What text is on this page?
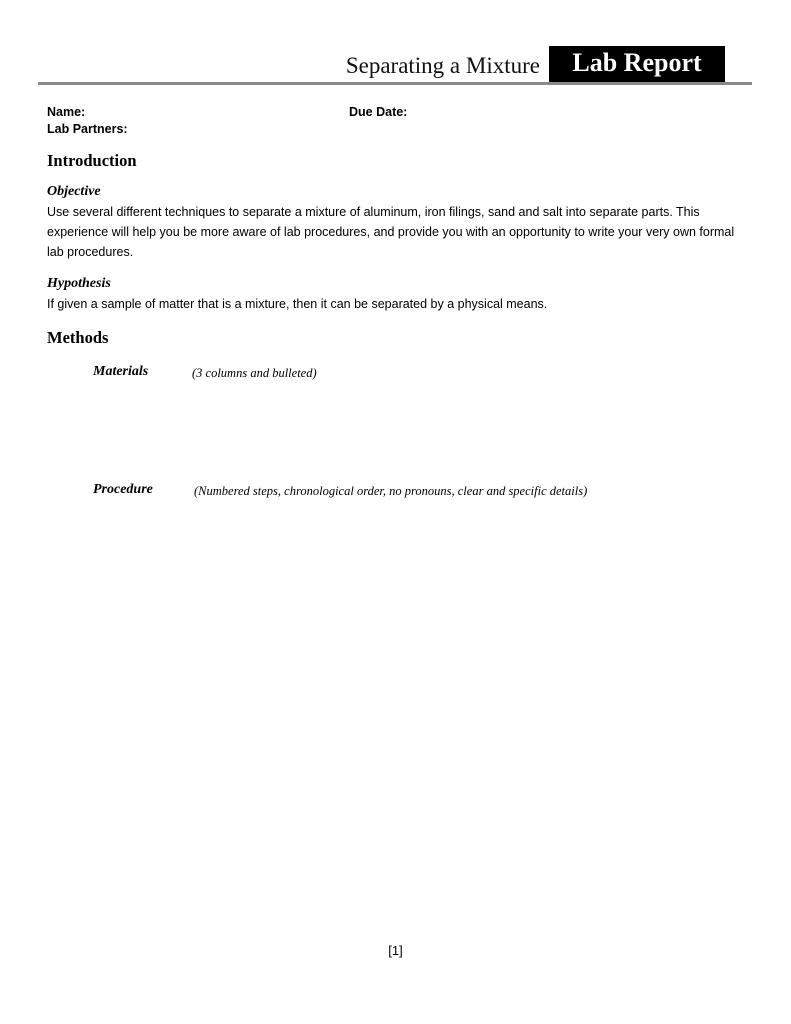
Separating a Mixture	Lab Report
Name:	Due Date:
Lab Partners:
Introduction
Objective
Use several different techniques to separate a mixture of aluminum, iron filings, sand and salt into separate parts. This experience will help you be more aware of lab procedures, and provide you with an opportunity to write your very own formal lab procedures.
Hypothesis
If given a sample of matter that is a mixture, then it can be separated by a physical means.
Methods
Materials	(3 columns and bulleted)
Procedure	(Numbered steps, chronological order, no pronouns, clear and specific details)
[1]
